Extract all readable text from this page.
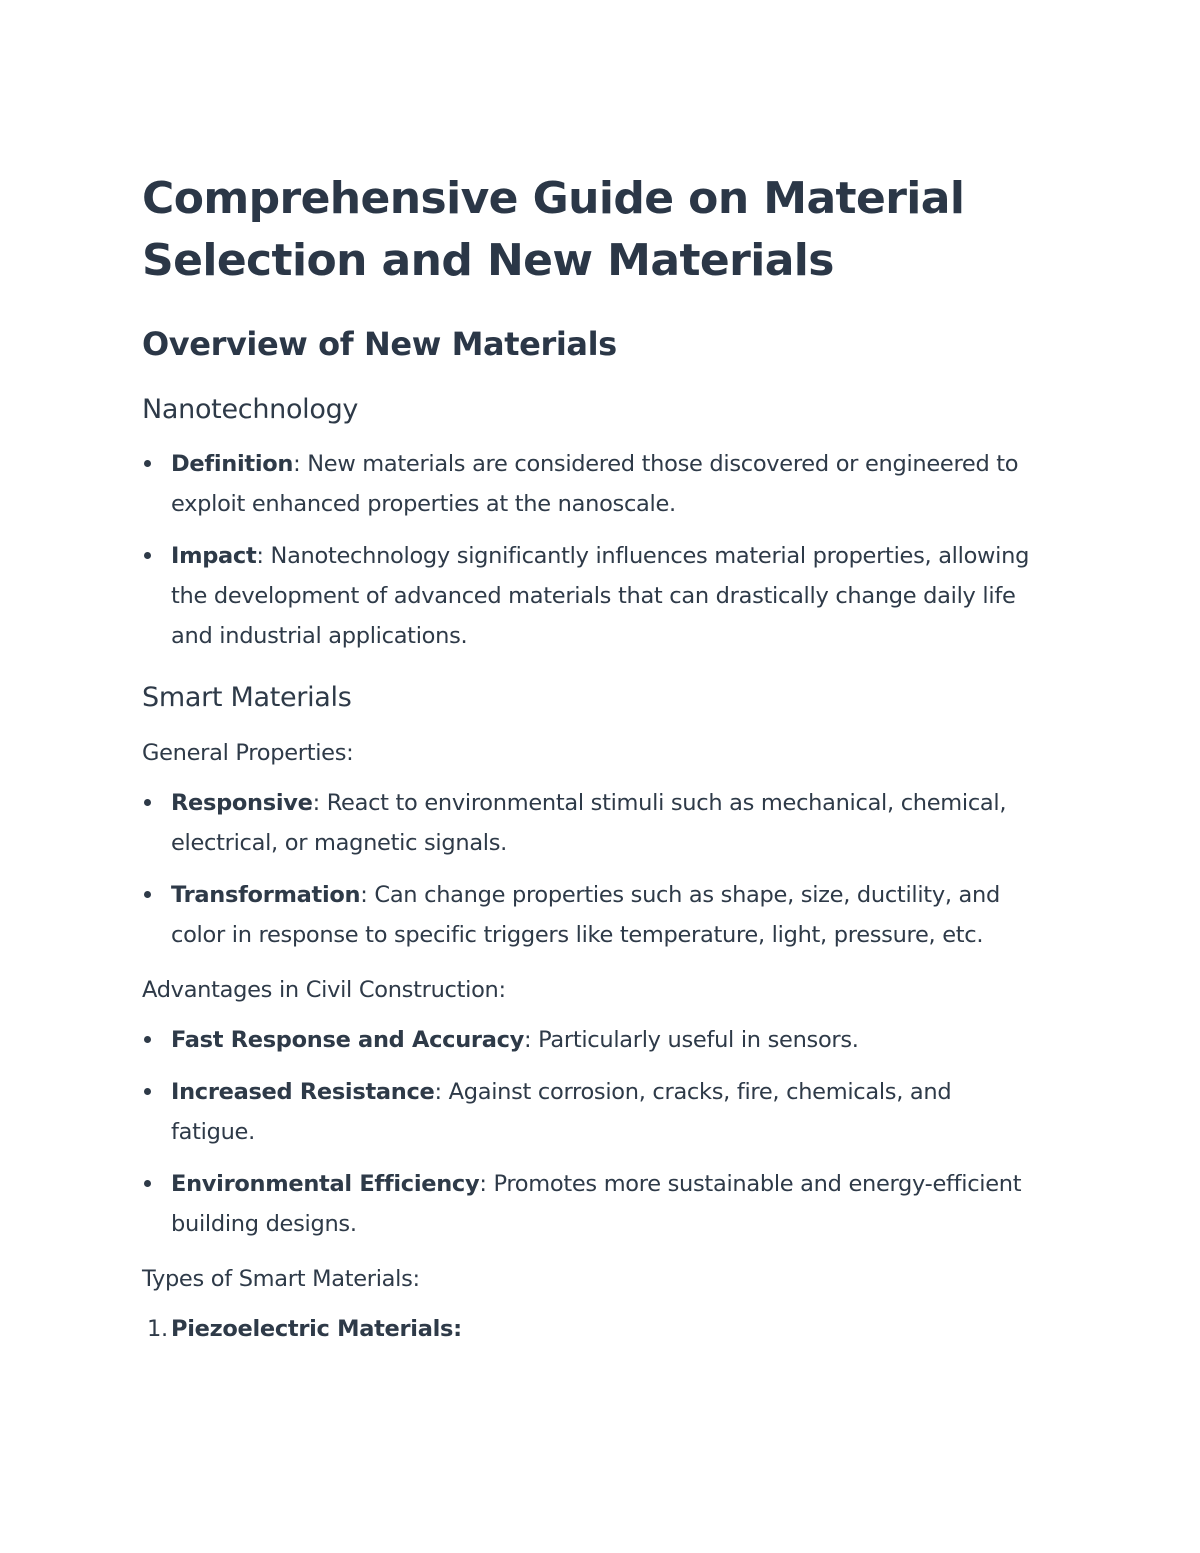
Comprehensive Guide on Material Selection and New Materials
Overview of New Materials
Nanotechnology
Definition: New materials are considered those discovered or engineered to exploit enhanced properties at the nanoscale.
Impact: Nanotechnology significantly influences material properties, allowing the development of advanced materials that can drastically change daily life and industrial applications.
Smart Materials

General Properties:

Responsive: React to environmental stimuli such as mechanical, chemical, electrical, or magnetic signals.
Transformation: Can change properties such as shape, size, ductility, and color in response to specific triggers like temperature, light, pressure, etc.

Advantages in Civil Construction:

Fast Response and Accuracy: Particularly useful in sensors.
Increased Resistance: Against corrosion, cracks, fire, chemicals, and fatigue.
Environmental Efficiency: Promotes more sustainable and energy-efficient building designs.

Types of Smart Materials:

1. Piezoelectric Materials:
